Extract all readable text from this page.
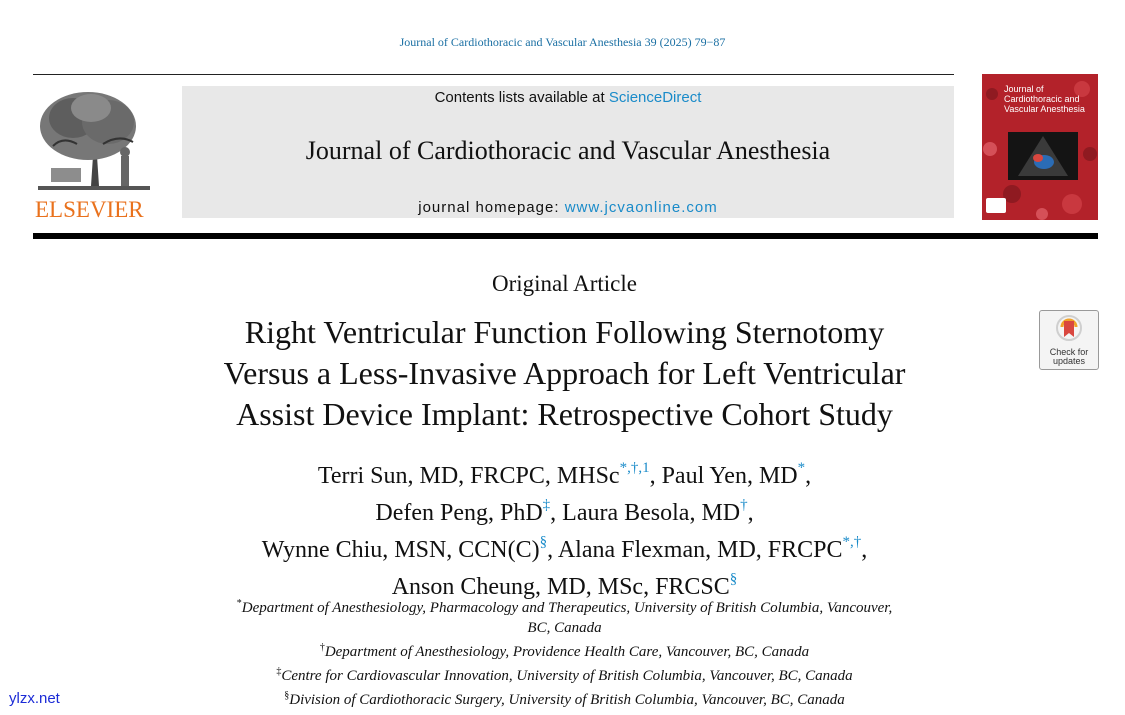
Journal of Cardiothoracic and Vascular Anesthesia 39 (2025) 79−87
ELSEVIER
Contents lists available at ScienceDirect
Journal of Cardiothoracic and Vascular Anesthesia
journal homepage: www.jcvaonline.com
Journal of
Cardiothoracic and
Vascular Anesthesia
Original Article
Right Ventricular Function Following Sternotomy
Versus a Less-Invasive Approach for Left Ventricular
Assist Device Implant: Retrospective Cohort Study
Check for
updates
Terri Sun, MD, FRCPC, MHSc$^{*,\dagger,1}$, Paul Yen, MD*,
Defen Peng, PhD‡, Laura Besola, MD†,
Wynne Chiu, MSN, CCN(C)§, Alana Flexman, MD, FRCPC*,†,
Anson Cheung, MD, MSc, FRCSC§
*Department of Anesthesiology, Pharmacology and Therapeutics, University of British Columbia, Vancouver,
BC, Canada
†Department of Anesthesiology, Providence Health Care, Vancouver, BC, Canada
‡Centre for Cardiovascular Innovation, University of British Columbia, Vancouver, BC, Canada
§Division of Cardiothoracic Surgery, University of British Columbia, Vancouver, BC, Canada
ylzx.net
